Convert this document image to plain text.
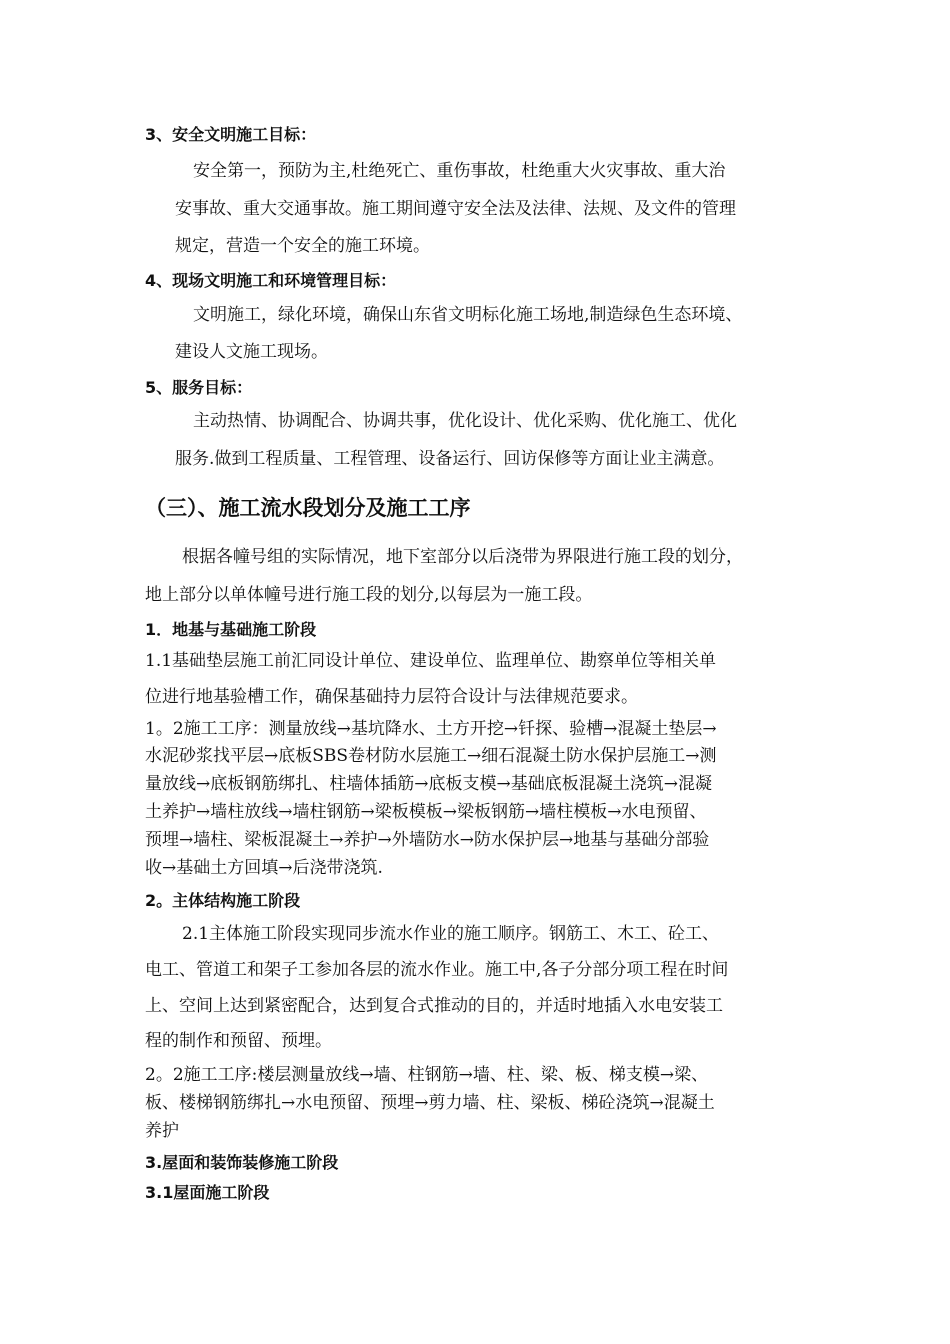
3、安全文明施工目标：
安全第一，预防为主,杜绝死亡、重伤事故，杜绝重大火灾事故、重大治
安事故、重大交通事故。施工期间遵守安全法及法律、法规、及文件的管理
规定，营造一个安全的施工环境。
4、现场文明施工和环境管理目标：
文明施工，绿化环境，确保山东省文明标化施工场地,制造绿色生态环境、
建设人文施工现场。
5、服务目标：
主动热情、协调配合、协调共事，优化设计、优化采购、优化施工、优化
服务.做到工程质量、工程管理、设备运行、回访保修等方面让业主满意。
（三）、施工流水段划分及施工工序
根据各幢号组的实际情况，地下室部分以后浇带为界限进行施工段的划分，
地上部分以单体幢号进行施工段的划分,以每层为一施工段。
1．地基与基础施工阶段
1.1基础垫层施工前汇同设计单位、建设单位、监理单位、勘察单位等相关单
位进行地基验槽工作，确保基础持力层符合设计与法律规范要求。
1。2施工工序：测量放线→基坑降水、土方开挖→钎探、验槽→混凝土垫层→
水泥砂浆找平层→底板SBS卷材防水层施工→细石混凝土防水保护层施工→测
量放线→底板钢筋绑扎、柱墙体插筋→底板支模→基础底板混凝土浇筑→混凝
土养护→墙柱放线→墙柱钢筋→梁板模板→梁板钢筋→墙柱模板→水电预留、
预埋→墙柱、梁板混凝土→养护→外墙防水→防水保护层→地基与基础分部验
收→基础土方回填→后浇带浇筑.
2。主体结构施工阶段
2.1主体施工阶段实现同步流水作业的施工顺序。钢筋工、木工、砼工、
电工、管道工和架子工参加各层的流水作业。施工中,各子分部分项工程在时间
上、空间上达到紧密配合，达到复合式推动的目的，并适时地插入水电安装工
程的制作和预留、预埋。
2。2施工工序:楼层测量放线→墙、柱钢筋→墙、柱、梁、板、梯支模→梁、
板、楼梯钢筋绑扎→水电预留、预埋→剪力墙、柱、梁板、梯砼浇筑→混凝土
养护
3.屋面和装饰装修施工阶段
3.1屋面施工阶段
